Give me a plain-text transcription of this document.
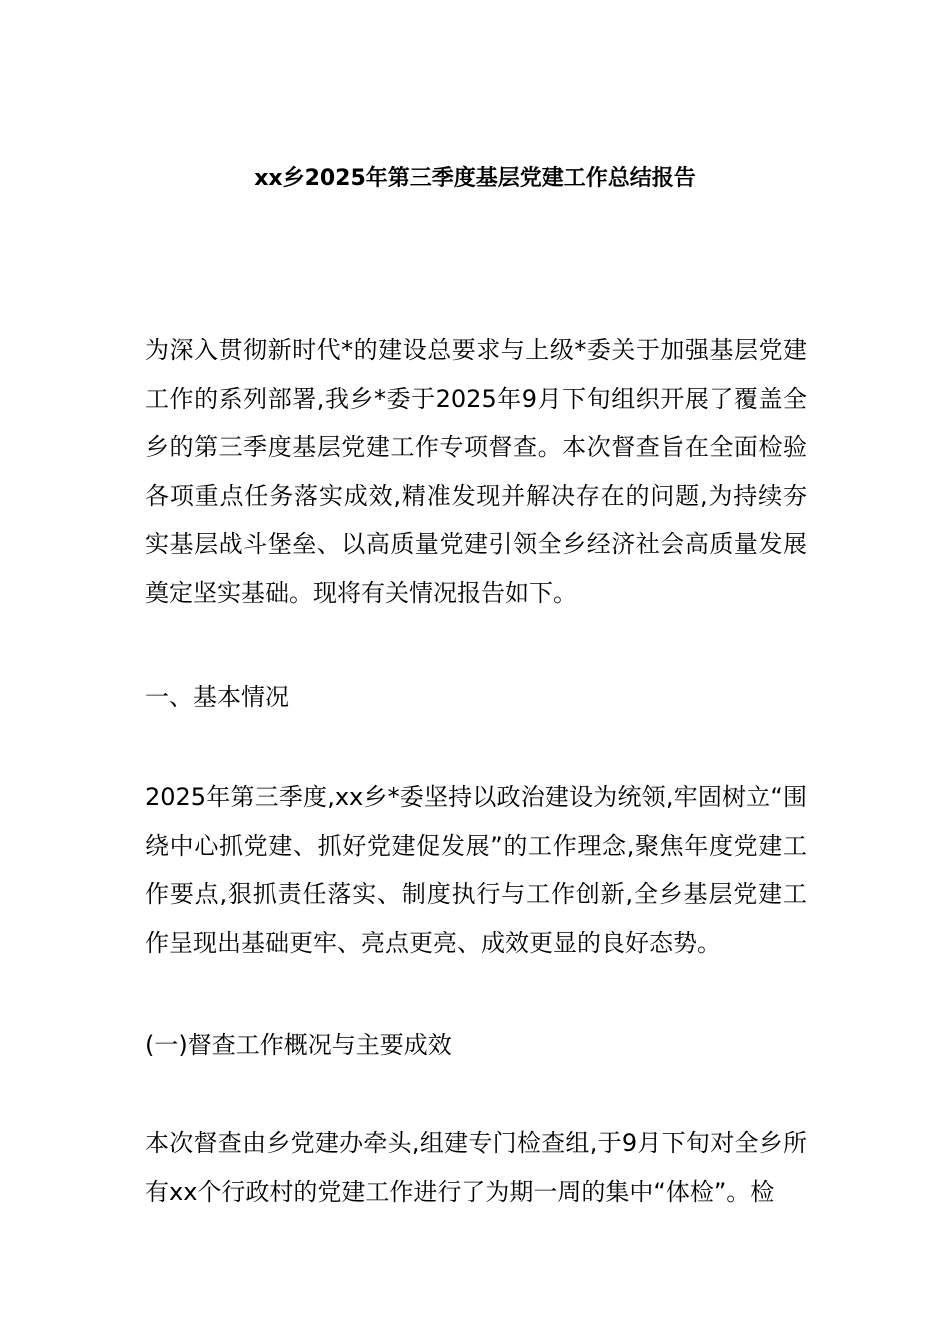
xx乡2025年第三季度基层党建工作总结报告

为深入贯彻新时代*的建设总要求与上级*委关于加强基层党建工作的系列部署,我乡*委于2025年9月下旬组织开展了覆盖全乡的第三季度基层党建工作专项督查。本次督查旨在全面检验各项重点任务落实成效,精准发现并解决存在的问题,为持续夯实基层战斗堡垒、以高质量党建引领全乡经济社会高质量发展奠定坚实基础。现将有关情况报告如下。

一、基本情况

2025年第三季度,xx乡*委坚持以政治建设为统领,牢固树立“围绕中心抓党建、抓好党建促发展”的工作理念,聚焦年度党建工作要点,狠抓责任落实、制度执行与工作创新,全乡基层党建工作呈现出基础更牢、亮点更亮、成效更显的良好态势。

(一)督查工作概况与主要成效

本次督查由乡党建办牵头,组建专门检查组,于9月下旬对全乡所有xx个行政村的党建工作进行了为期一周的集中“体检”。检
